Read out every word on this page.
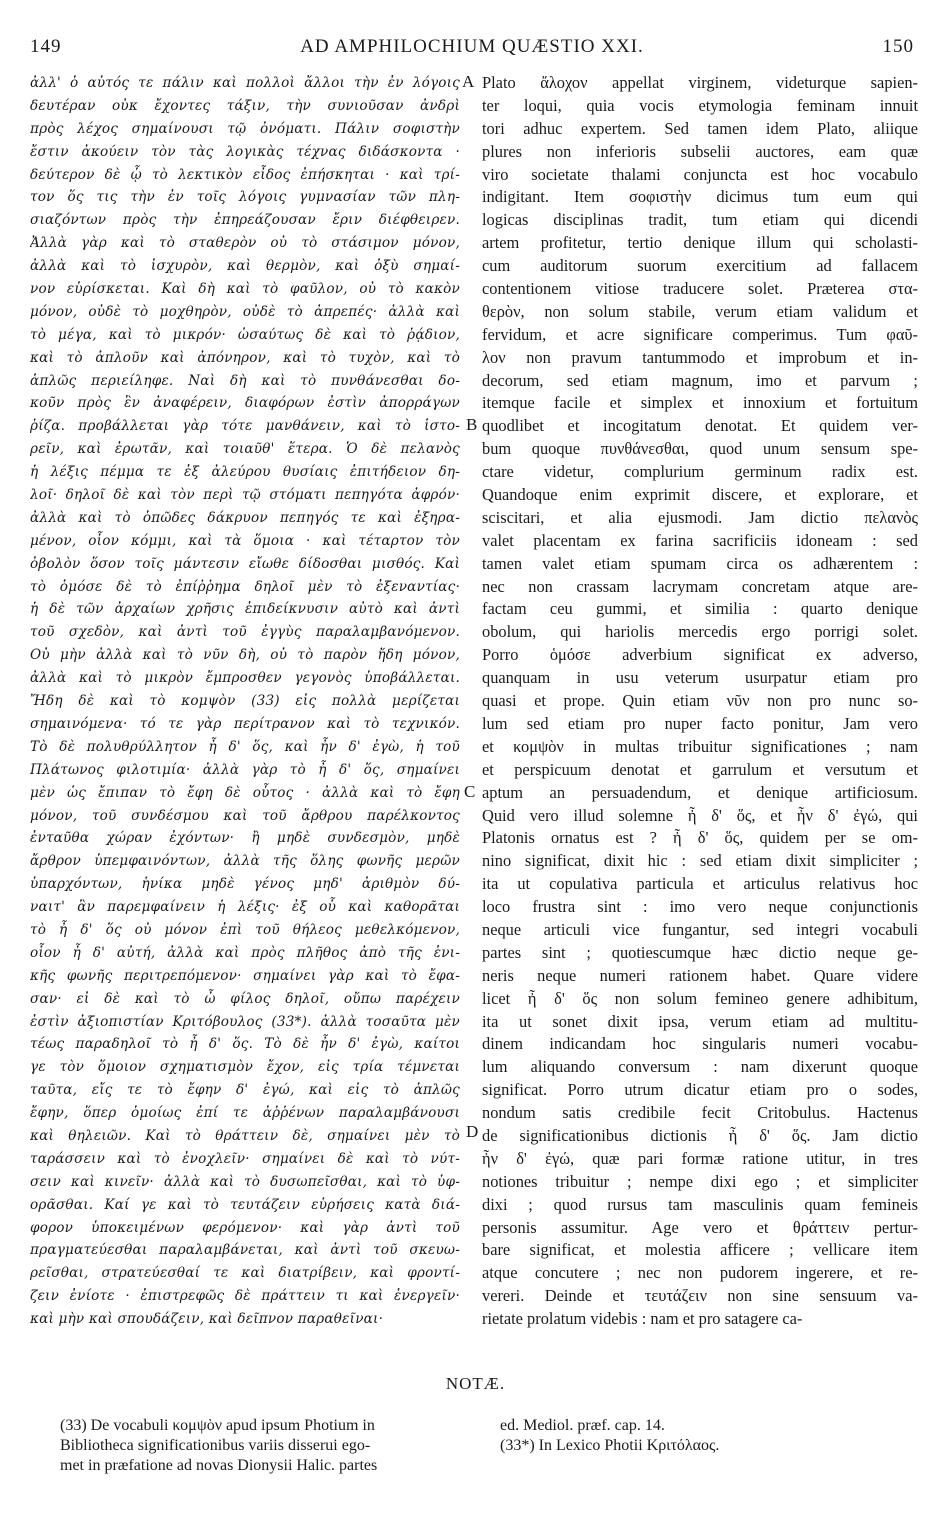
149	AD AMPHILOCHIUM QUÆSTIO XXI.	150
ἀλλ' ὁ αὐτός τε πάλιν καὶ πολλοὶ ἄλλοι τὴν ἐν λόγοις
δευτέραν οὐκ ἔχοντες τάξιν, τὴν συνιοῦσαν ἀνδρὶ
πρὸς λέχος σημαίνουσι τῷ ὀνόματι. Πάλιν σοφιστὴν
ἔστιν ἀκούειν τὸν τὰς λογικὰς τέχνας διδάσκοντα ·
δεύτερον δὲ ᾧ τὸ λεκτικὸν εἶδος ἐπήσκηται · καὶ τρί-
τον ὅς τις τὴν ἐν τοῖς λόγοις γυμνασίαν τῶν πλη-
σιαζόντων πρὸς τὴν ἐπηρεάζουσαν ἔριν διέφθειρεν.
Ἀλλὰ γὰρ καὶ τὸ σταθερὸν οὐ τὸ στάσιμον μόνον,
ἀλλὰ καὶ τὸ ἰσχυρὸν, καὶ θερμὸν, καὶ ὀξὺ σημαί-
νον εὑρίσκεται. Καὶ δὴ καὶ τὸ φαῦλον, οὐ τὸ κακὸν
μόνον, οὐδὲ τὸ μοχθηρὸν, οὐδὲ τὸ ἀπρεπές· ἀλλὰ καὶ
τὸ μέγα, καὶ τὸ μικρόν· ὡσαύτως δὲ καὶ τὸ ῥᾴδιον,
καὶ τὸ ἁπλοῦν καὶ ἀπόνηρον, καὶ τὸ τυχὸν, καὶ τὸ
ἁπλῶς περιείληφε. Ναὶ δὴ καὶ τὸ πυνθάνεσθαι δο-
κοῦν πρὸς ἓν ἀναφέρειν, διαφόρων ἐστὶν ἀπορράγων
ῥίζα. προβάλλεται γὰρ τότε μανθάνειν, καὶ τὸ ἱστο-
ρεῖν, καὶ ἐρωτᾶν, καὶ τοιαῦθ' ἕτερα. Ὁ δὲ πελανὸς
ἡ λέξις πέμμα τε ἐξ ἀλεύρου θυσίαις ἐπιτήδειον δη-
λοῖ· δηλοῖ δὲ καὶ τὸν περὶ τῷ στόματι πεπηγότα ἀφρόν·
ἀλλὰ καὶ τὸ ὁπῶδες δάκρυον πεπηγός τε καὶ ἐξηρα-
μένον, οἷον κόμμι, καὶ τὰ ὅμοια · καὶ τέταρτον τὸν
ὀβολὸν ὅσον τοῖς μάντεσιν εἴωθε δίδοσθαι μισθός. Καὶ
τὸ ὁμόσε δὲ τὸ ἐπίῤῥημα δηλοῖ μὲν τὸ ἐξεναντίας·
ἡ δὲ τῶν ἀρχαίων χρῆσις ἐπιδείκνυσιν αὐτὸ καὶ ἀντὶ
τοῦ σχεδὸν, καὶ ἀντὶ τοῦ ἐγγὺς παραλαμβανόμενον.
Οὐ μὴν ἀλλὰ καὶ τὸ νῦν δὴ, οὐ τὸ παρὸν ἤδη μόνον,
ἀλλὰ καὶ τὸ μικρὸν ἔμπροσθεν γεγονὸς ὑποβάλλεται.
Ἤδη δὲ καὶ τὸ κομψὸν (33) εἰς πολλὰ μερίζεται
σημαινόμενα· τό τε γὰρ περίτρανον καὶ τὸ τεχνικόν.
Τὸ δὲ πολυθρύλλητον ἦ δ' ὅς, καὶ ἦν δ' ἐγὼ, ἡ τοῦ
Πλάτωνος φιλοτιμία· ἀλλὰ γὰρ τὸ ἦ δ' ὅς, σημαίνει
μὲν ὡς ἔπιπαν τὸ ἔφη δὲ οὗτος · ἀλλὰ καὶ τὸ ἔφη
μόνον, τοῦ συνδέσμου καὶ τοῦ ἄρθρου παρέλκοντος
ἐνταῦθα χώραν ἐχόντων· ἢ μηδὲ συνδεσμὸν, μηδὲ
ἄρθρον ὑπεμφαινόντων, ἀλλὰ τῆς ὅλης φωνῆς μερῶν
ὑπαρχόντων, ἡνίκα μηδὲ γένος μηδ' ἀριθμὸν δύ-
ναιτ' ἂν παρεμφαίνειν ἡ λέξις· ἐξ οὗ καὶ καθορᾶται
τὸ ἦ δ' ὅς οὐ μόνον ἐπὶ τοῦ θήλεος μεθελκόμενον,
οἷον ἦ δ' αὐτή, ἀλλὰ καὶ πρὸς πλῆθος ἀπὸ τῆς ἑνι-
κῆς φωνῆς περιτρεπόμενον· σημαίνει γὰρ καὶ τὸ ἔφα-
σαν· εἰ δὲ καὶ τὸ ὦ φίλος δηλοῖ, οὔπω παρέχειν
ἐστὶν ἀξιοπιστίαν Κριτόβουλος (33*). ἀλλὰ τοσαῦτα μὲν
τέως παραδηλοῖ τὸ ἦ δ' ὅς. Τὸ δὲ ἦν δ' ἐγὼ, καίτοι
γε τὸν ὅμοιον σχηματισμὸν ἔχον, εἰς τρία τέμνεται
ταῦτα, εἴς τε τὸ ἔφην δ' ἐγώ, καὶ εἰς τὸ ἁπλῶς
ἔφην, ὅπερ ὁμοίως ἐπί τε ἀῤῥένων παραλαμβάνουσι
καὶ θηλειῶν. Καὶ τὸ θράττειν δὲ, σημαίνει μὲν τὸ
ταράσσειν καὶ τὸ ἐνοχλεῖν· σημαίνει δὲ καὶ τὸ νύτ-
σειν καὶ κινεῖν· ἀλλὰ καὶ τὸ δυσωπεῖσθαι, καὶ τὸ ὑφ-
ορᾶσθαι. Καί γε καὶ τὸ τευτάζειν εὑρήσεις κατὰ διά-
φορον ὑποκειμένων φερόμενον· καὶ γὰρ ἀντὶ τοῦ
πραγματεύεσθαι παραλαμβάνεται, καὶ ἀντὶ τοῦ σκευω-
ρεῖσθαι, στρατεύεσθαί τε καὶ διατρίβειν, καὶ φροντί-
ζειν ἐνίοτε · ἐπιστρεφῶς δὲ πράττειν τι καὶ ἐνεργεῖν·
καὶ μὴν καὶ σπουδάζειν, καὶ δεῖπνον παραθεῖναι·
Plato ἄλοχον appellat virginem, videturque sapien-
ter loqui, quia vocis etymologia feminam innuit
tori adhuc expertem. Sed tamen idem Plato, aliique
plures non inferioris subselii auctores, eam quæ
viro societate thalami conjuncta est hoc vocabulo
indigitant. Item σοφιστὴν dicimus tum eum qui
logicas disciplinas tradit, tum etiam qui dicendi
artem profitetur, tertio denique illum qui scholasti-
cum auditorum suorum exercitium ad fallacem
contentionem vitiose traducere solet. Præterea στα-
θερὸν, non solum stabile, verum etiam validum et
fervidum, et acre significare comperimus. Tum φαῦ-
λον non pravum tantummodo et improbum et in-
decorum, sed etiam magnum, imo et parvum ;
itemque facile et simplex et innoxium et fortuitum
quodlibet et incogitatum denotat. Et quidem ver-
bum quoque πυνθάνεσθαι, quod unum sensum spe-
ctare videtur, complurium germinum radix est.
Quandoque enim exprimit discere, et explorare, et
sciscitari, et alia ejusmodi. Jam dictio πελανὸς
valet placentam ex farina sacrificiis idoneam : sed
tamen valet etiam spumam circa os adhærentem :
nec non crassam lacrymam concretam atque are-
factam ceu gummi, et similia : quarto denique
obolum, qui hariolis mercedis ergo porrigi solet.
Porro ὁμόσε adverbium significat ex adverso,
quanquam in usu veterum usurpatur etiam pro
quasi et prope. Quin etiam νῦν non pro nunc so-
lum sed etiam pro nuper facto ponitur, Jam vero
et κομψὸν in multas tribuitur significationes ; nam
et perspicuum denotat et garrulum et versutum et
aptum an persuadendum, et denique artificiosum.
Quid vero illud solemne ἦ δ' ὅς, et ἦν δ' ἐγώ, qui
Platonis ornatus est ? ἦ δ' ὅς, quidem per se om-
nino significat, dixit hic : sed etiam dixit simpliciter ;
ita ut copulativa particula et articulus relativus hoc
loco frustra sint : imo vero neque conjunctionis
neque articuli vice fungantur, sed integri vocabuli
partes sint ; quotiescumque hæc dictio neque ge-
neris neque numeri rationem habet. Quare videre
licet ἦ δ' ὅς non solum femineo genere adhibitum,
ita ut sonet dixit ipsa, verum etiam ad multitu-
dinem indicandam hoc singularis numeri vocabu-
lum aliquando conversum : nam dixerunt quoque
significat. Porro utrum dicatur etiam pro o sodes,
nondum satis credibile fecit Critobulus. Hactenus
de significationibus dictionis ἦ δ' ὅς. Jam dictio
ἦν δ' ἐγώ, quæ pari formæ ratione utitur, in tres
notiones tribuitur ; nempe dixi ego ; et simpliciter
dixi ; quod rursus tam masculinis quam femineis
personis assumitur. Age vero et θράττειν pertur-
bare significat, et molestia afficere ; vellicare item
atque concutere ; nec non pudorem ingerere, et re-
vereri. Deinde et τευτάζειν non sine sensuum va-
rietate prolatum videbis : nam et pro satagere ca-
A
B
C
D
NOTÆ.
(33) De vocabuli κομψὸν apud ipsum Photium in
Bibliotheca significationibus variis disserui ego-
met in præfatione ad novas Dionysii Halic. partes
ed. Mediol. præf. cap. 14.
(33*) In Lexico Photii Κριτόλαος.
